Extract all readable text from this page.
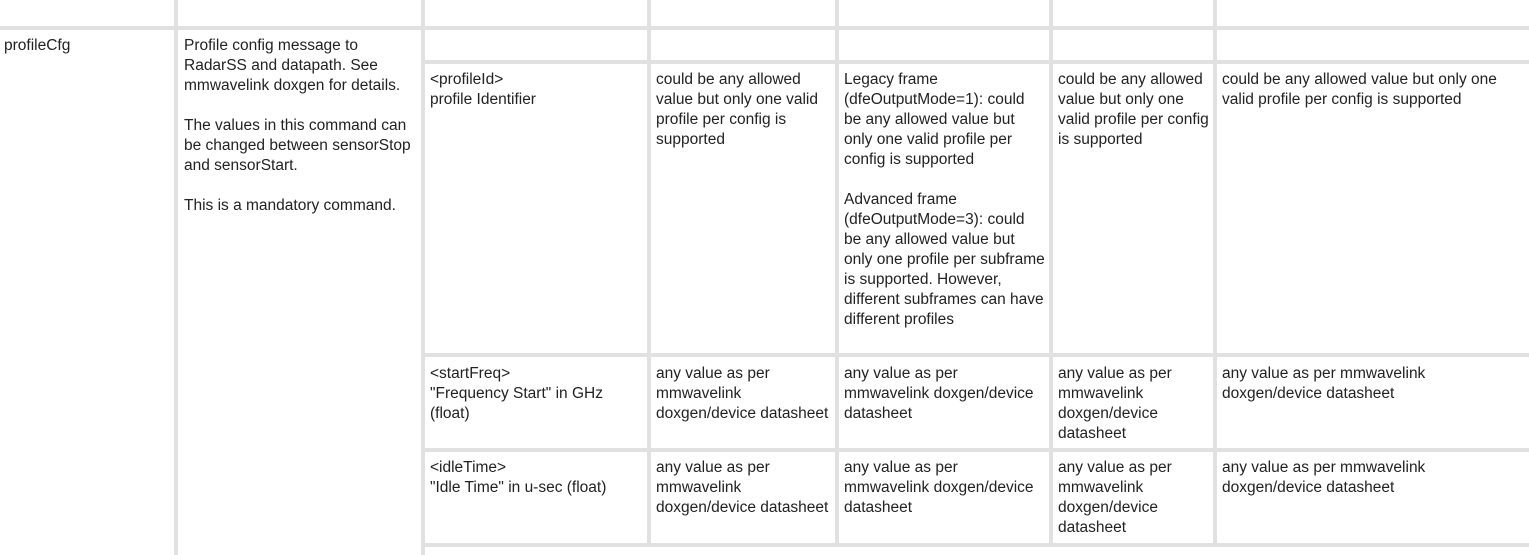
profileCfg	Profile config message to RadarSS and datapath. See mmwavelink doxgen for details.

The values in this command can be changed between sensorStop and sensorStart.

This is a mandatory command.
<profileId>
profile Identifier
could be any allowed value but only one valid profile per config is supported
Legacy frame (dfeOutputMode=1): could be any allowed value but only one valid profile per config is supported

Advanced frame (dfeOutputMode=3): could be any allowed value but only one profile per subframe is supported. However, different subframes can have different profiles
could be any allowed value but only one valid profile per config is supported
could be any allowed value but only one valid profile per config is supported
<startFreq>
"Frequency Start" in GHz (float)
any value as per mmwavelink doxgen/device datasheet
any value as per mmwavelink doxgen/device datasheet
any value as per mmwavelink doxgen/device datasheet
any value as per mmwavelink doxgen/device datasheet
<idleTime>
"Idle Time" in u-sec (float)
any value as per mmwavelink doxgen/device datasheet
any value as per mmwavelink doxgen/device datasheet
any value as per mmwavelink doxgen/device datasheet
any value as per mmwavelink doxgen/device datasheet
